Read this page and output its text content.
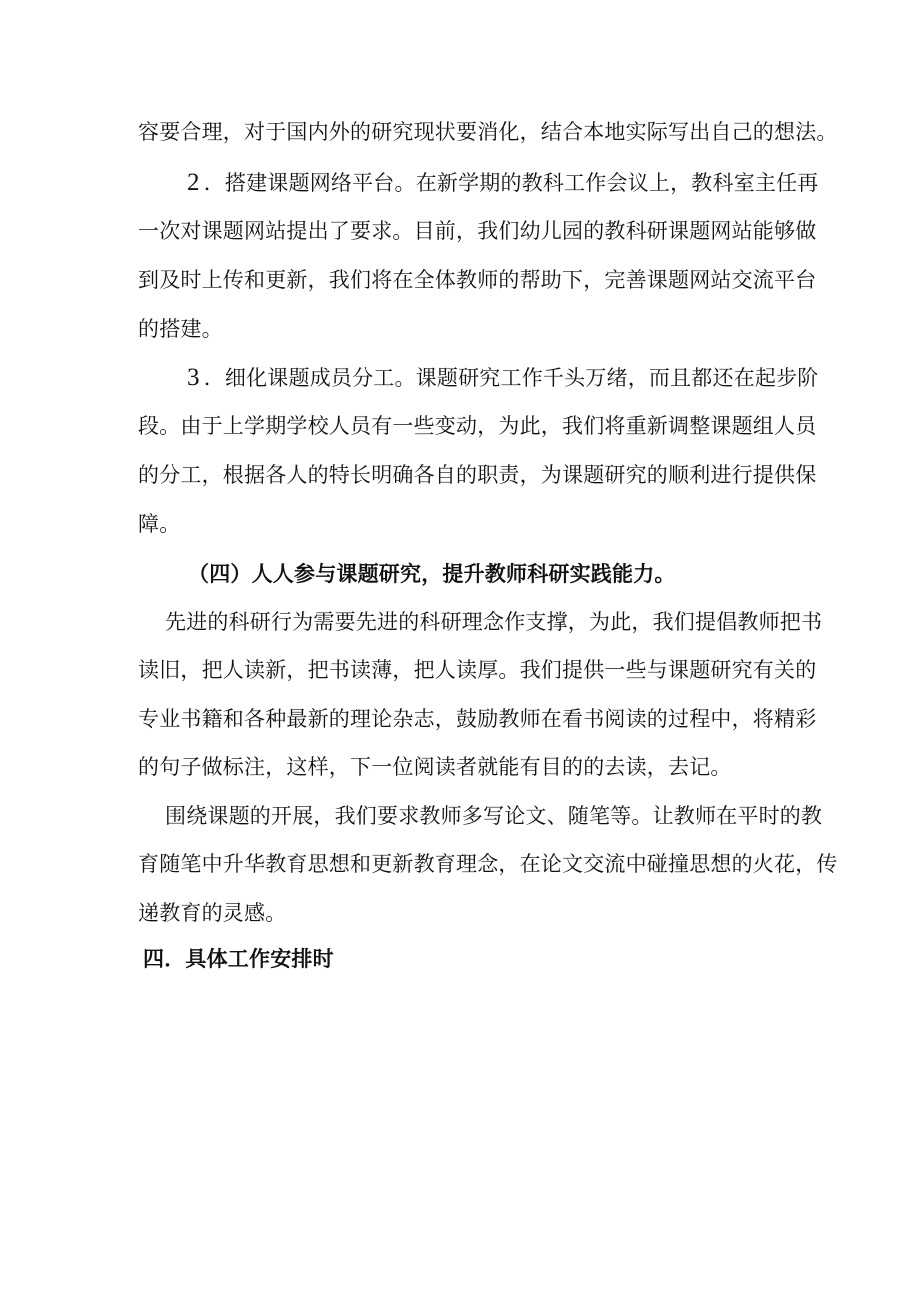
容要合理，对于国内外的研究现状要消化，结合本地实际写出自己的想法。
2 ．搭建课题网络平台。在新学期的教科工作会议上，教科室主任再
一次对课题网站提出了要求。目前，我们幼儿园的教科研课题网站能够做
到及时上传和更新，我们将在全体教师的帮助下，完善课题网站交流平台
的搭建。
3 ．细化课题成员分工。课题研究工作千头万绪，而且都还在起步阶
段。由于上学期学校人员有一些变动，为此，我们将重新调整课题组人员
的分工，根据各人的特长明确各自的职责，为课题研究的顺利进行提供保
障。
（四）人人参与课题研究，提升教师科研实践能力。
先进的科研行为需要先进的科研理念作支撑，为此，我们提倡教师把书
读旧，把人读新，把书读薄，把人读厚。我们提供一些与课题研究有关的
专业书籍和各种最新的理论杂志，鼓励教师在看书阅读的过程中，将精彩
的句子做标注，这样，下一位阅读者就能有目的的去读，去记。
围绕课题的开展，我们要求教师多写论文、随笔等。让教师在平时的教
育随笔中升华教育思想和更新教育理念，在论文交流中碰撞思想的火花，传
递教育的灵感。
四．具体工作安排时
